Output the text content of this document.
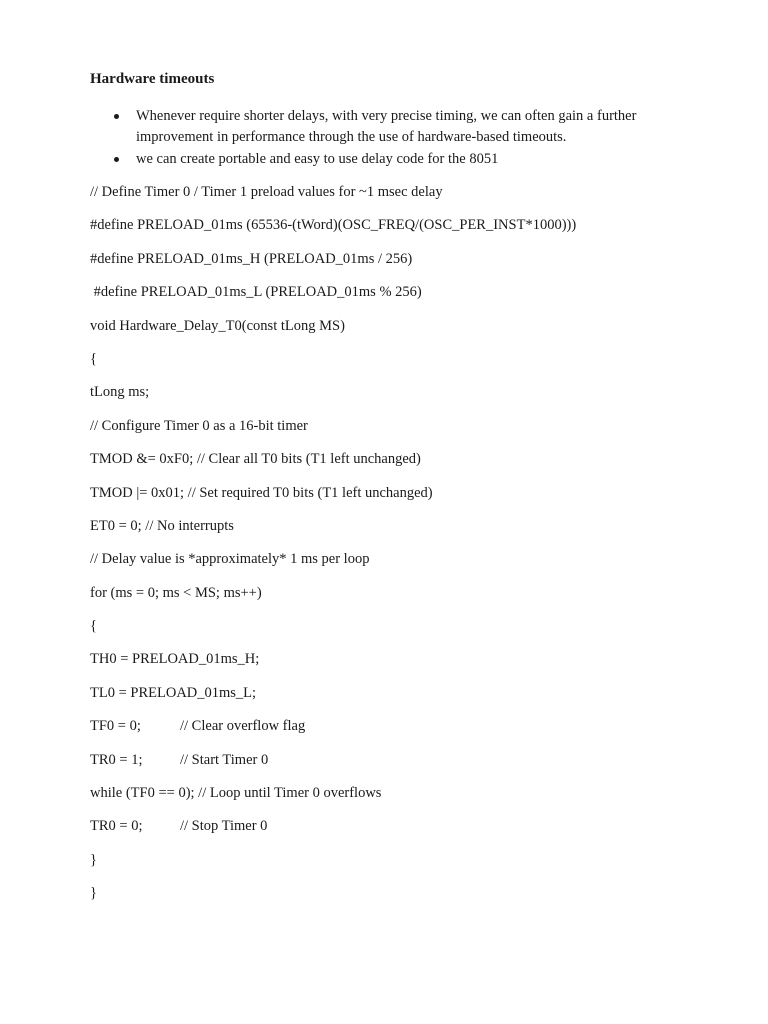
Hardware timeouts
Whenever require shorter delays, with very precise timing, we can often gain a further improvement in performance through the use of hardware-based timeouts.
we can create portable and easy to use delay code for the 8051
// Define Timer 0 / Timer 1 preload values for ~1 msec delay
#define PRELOAD_01ms (65536-(tWord)(OSC_FREQ/(OSC_PER_INST*1000)))
#define PRELOAD_01ms_H (PRELOAD_01ms / 256)
#define PRELOAD_01ms_L (PRELOAD_01ms % 256)
void Hardware_Delay_T0(const tLong MS)
{
tLong ms;
// Configure Timer 0 as a 16-bit timer
TMOD &= 0xF0; // Clear all T0 bits (T1 left unchanged)
TMOD |= 0x01; // Set required T0 bits (T1 left unchanged)
ET0 = 0; // No interrupts
// Delay value is *approximately* 1 ms per loop
for (ms = 0; ms < MS; ms++)
{
TH0 = PRELOAD_01ms_H;
TL0 = PRELOAD_01ms_L;
TF0 = 0;	// Clear overflow flag
TR0 = 1;	// Start Timer 0
while (TF0 == 0); // Loop until Timer 0 overflows
TR0 = 0;	// Stop Timer 0
}
}
